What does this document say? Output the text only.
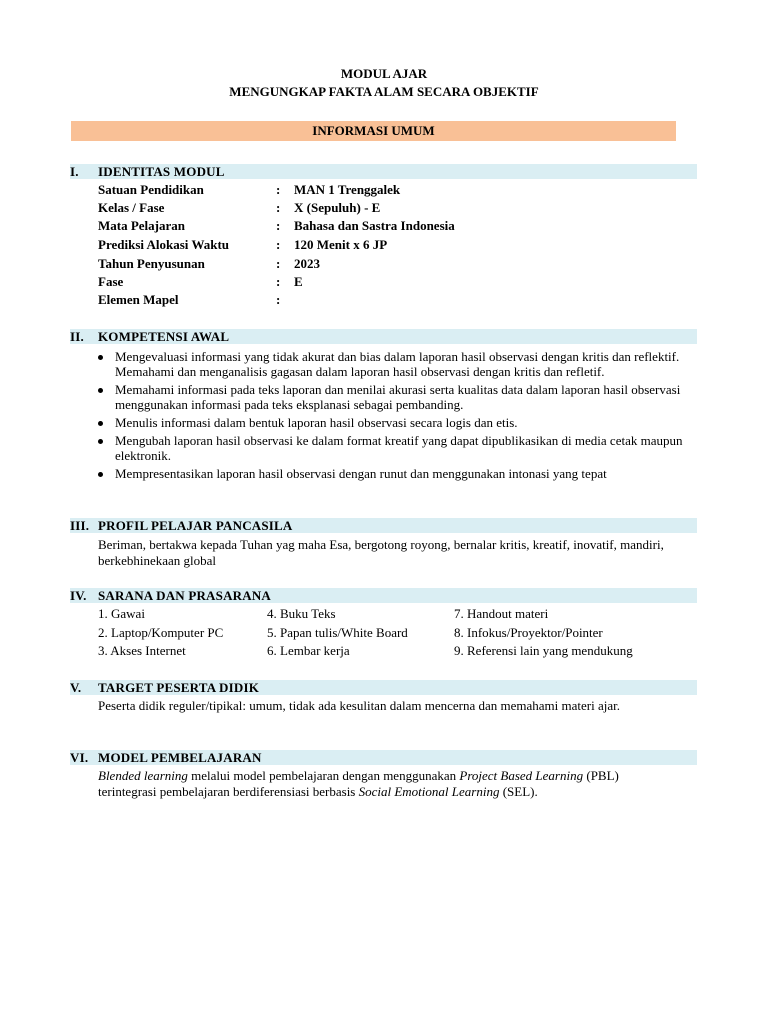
MODUL AJAR
MENGUNGKAP FAKTA ALAM SECARA OBJEKTIF
INFORMASI UMUM
I. IDENTITAS MODUL
Satuan Pendidikan	: MAN 1 Trenggalek
Kelas / Fase	: X (Sepuluh) - E
Mata Pelajaran	: Bahasa dan Sastra Indonesia
Prediksi Alokasi Waktu	: 120 Menit x 6 JP
Tahun Penyusunan	: 2023
Fase	: E
Elemen Mapel	:
II. KOMPETENSI AWAL
Mengevaluasi informasi yang tidak akurat dan bias dalam laporan hasil observasi dengan kritis dan reflektif. Memahami dan menganalisis gagasan dalam laporan hasil observasi dengan kritis dan refletif.
Memahami informasi pada teks laporan dan menilai akurasi serta kualitas data dalam laporan hasil observasi menggunakan informasi pada teks eksplanasi sebagai pembanding.
Menulis informasi dalam bentuk laporan hasil observasi secara logis dan etis.
Mengubah laporan hasil observasi ke dalam format kreatif yang dapat dipublikasikan di media cetak maupun elektronik.
Mempresentasikan laporan hasil observasi dengan runut dan menggunakan intonasi yang tepat
III. PROFIL PELAJAR PANCASILA
Beriman, bertakwa kepada Tuhan yag maha Esa, bergotong royong, bernalar kritis, kreatif, inovatif, mandiri, berkebhinekaan global
IV. SARANA DAN PRASARANA
1. Gawai	4. Buku Teks	7. Handout materi
2. Laptop/Komputer PC	5. Papan tulis/White Board	8. Infokus/Proyektor/Pointer
3. Akses Internet	6. Lembar kerja	9. Referensi lain yang mendukung
V. TARGET PESERTA DIDIK
Peserta didik reguler/tipikal: umum, tidak ada kesulitan dalam mencerna dan memahami materi ajar.
VI. MODEL PEMBELAJARAN
Blended learning melalui model pembelajaran dengan menggunakan Project Based Learning (PBL) terintegrasi pembelajaran berdiferensiasi berbasis Social Emotional Learning (SEL).
